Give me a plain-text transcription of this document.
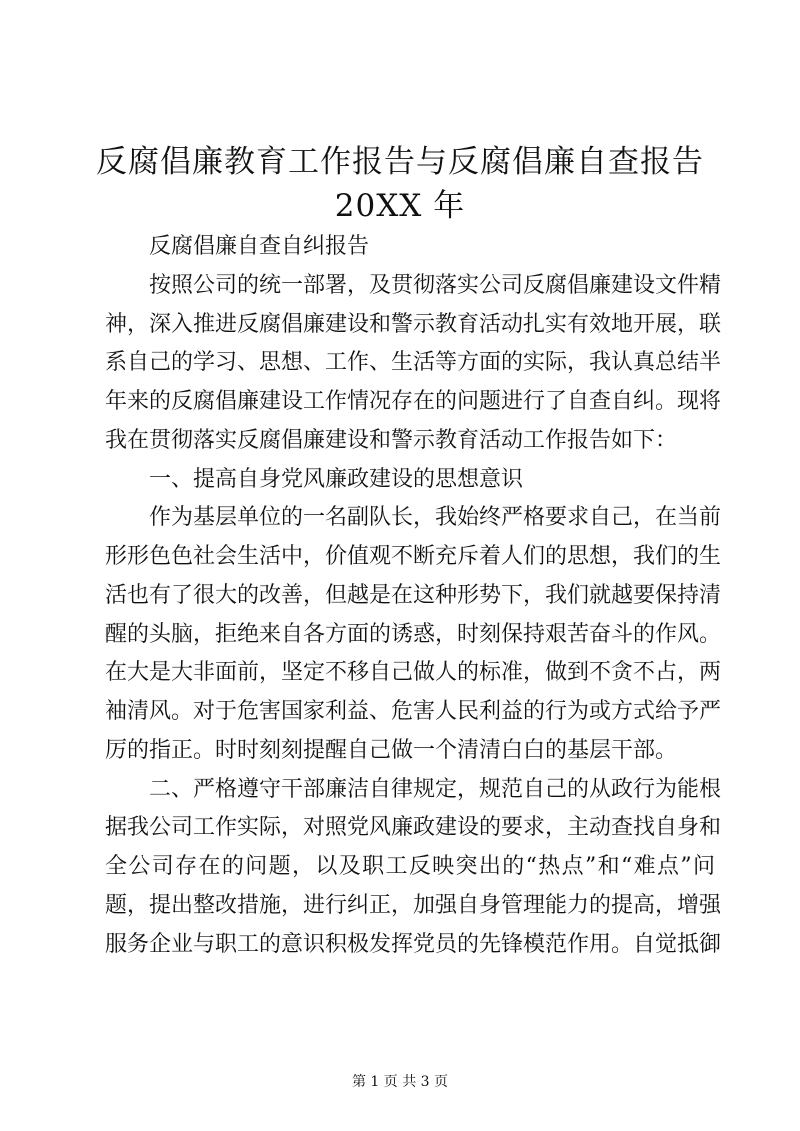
反腐倡廉教育工作报告与反腐倡廉自查报告
20XX 年
反腐倡廉自查自纠报告
按照公司的统一部署，及贯彻落实公司反腐倡廉建设文件精
神，深入推进反腐倡廉建设和警示教育活动扎实有效地开展，联
系自己的学习、思想、工作、生活等方面的实际，我认真总结半
年来的反腐倡廉建设工作情况存在的问题进行了自查自纠。现将
我在贯彻落实反腐倡廉建设和警示教育活动工作报告如下：
一、提高自身党风廉政建设的思想意识
作为基层单位的一名副队长，我始终严格要求自己，在当前
形形色色社会生活中，价值观不断充斥着人们的思想，我们的生
活也有了很大的改善，但越是在这种形势下，我们就越要保持清
醒的头脑，拒绝来自各方面的诱惑，时刻保持艰苦奋斗的作风。
在大是大非面前，坚定不移自己做人的标准，做到不贪不占，两
袖清风。对于危害国家利益、危害人民利益的行为或方式给予严
厉的指正。时时刻刻提醒自己做一个清清白白的基层干部。
二、严格遵守干部廉洁自律规定，规范自己的从政行为能根
据我公司工作实际，对照党风廉政建设的要求，主动查找自身和
全公司存在的问题，以及职工反映突出的“热点”和“难点”问
题，提出整改措施，进行纠正，加强自身管理能力的提高，增强
服务企业与职工的意识积极发挥党员的先锋模范作用。自觉抵御
第 1 页 共 3 页
